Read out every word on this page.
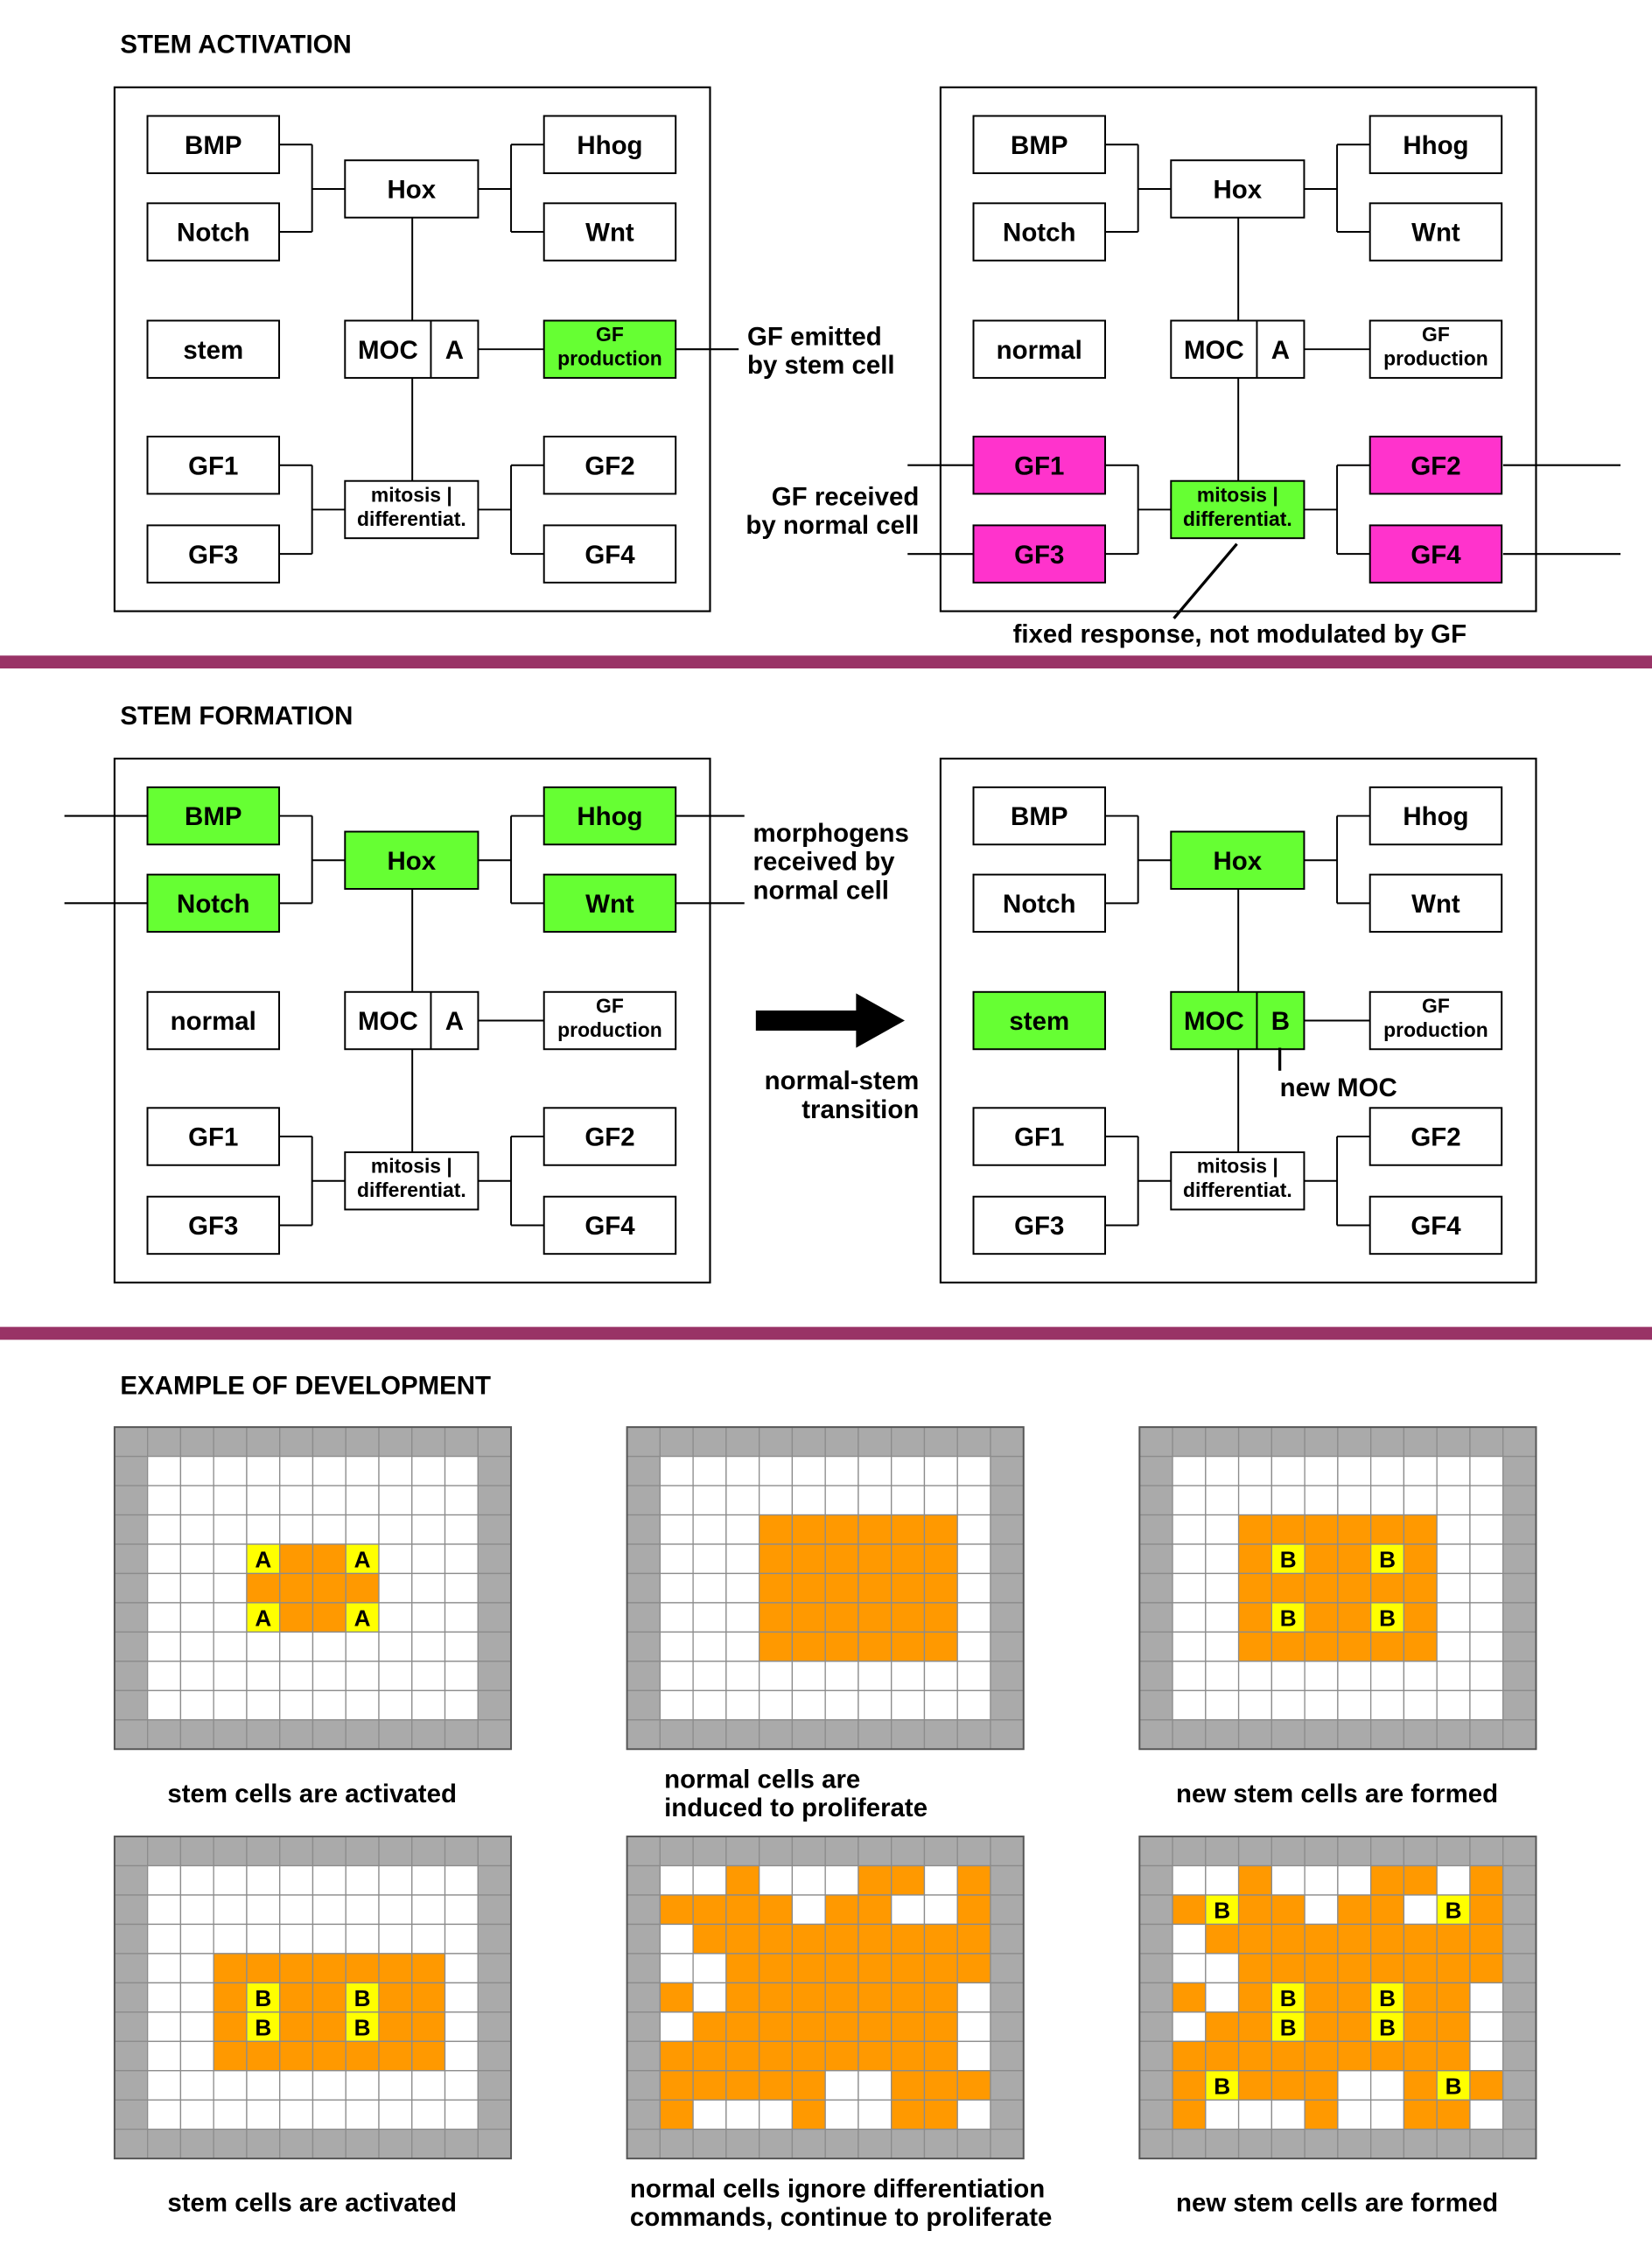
STEM ACTIVATION
STEM FORMATION
EXAMPLE OF DEVELOPMENT
BMP
Notch
Hox
Hhog
Wnt
stem	MOC A
GF
production
GF1
GF3
GF2
GF4
mitosis |
differentiat.
BMP
Notch
Hox
Hhog
Wnt
normal	MOC A
GF
production
GF1
GF3
GF2
GF4
mitosis |
differentiat.
BMP
Notch
Hox
Hhog
Wnt
normal	MOC A
GF
production
GF1
GF3
GF2
GF4
mitosis |
differentiat.
BMP
Notch
Hox
Hhog
Wnt
stem	MOC B
GF
production
GF1
GF3
GF2
GF4
mitosis |
differentiat.
GF emitted
by stem cell
GF received
by normal cell
fixed response, not modulated by GF
morphogens
received by
normal cell
normal-stem
transition
new MOC
A	A
A	A
stem cells are activated	normal cells are
induced to proliferate
B	B
B	B
new stem cells are formed
B	B
B	B
stem cells are activated	normal cells ignore differentiation
commands, continue to proliferate
B	B
B	B
B	B
B	B
new stem cells are formed
